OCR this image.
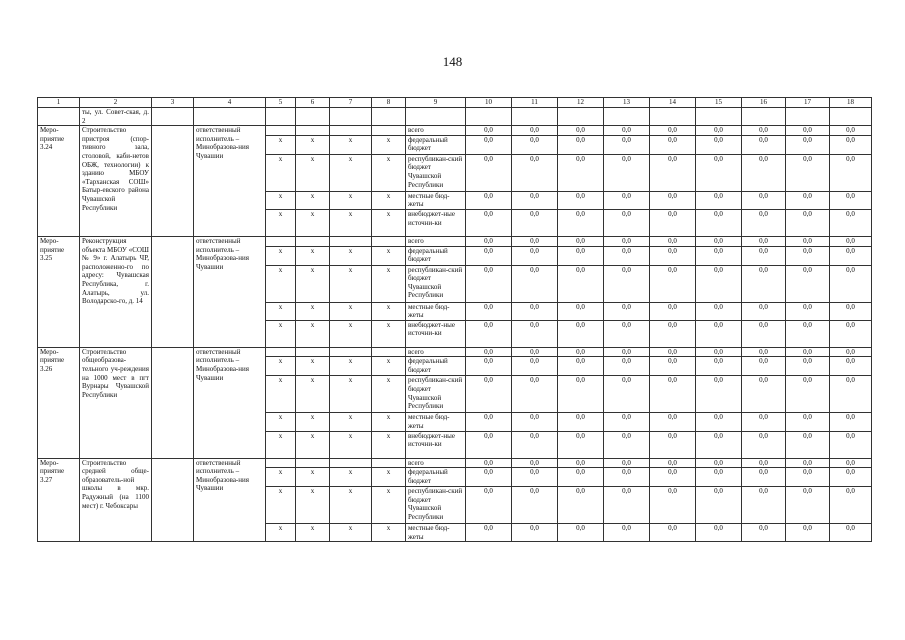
148
1	2	3	4	5	6	7	8	9	10	11	12	13	14	15	16	17	18
	ты, ул. Совет-ская, д. 2																
Меро-приятие 3.24	Строительство пристроя (спор-тивного зала, столовой, каби-нетов ОБЖ, технологии) к зданию МБОУ «Тарханская СОШ» Батыр-евского района Чувашской Республики		ответственный исполнитель – Минобразова-ния Чувашии					всего	0,0	0,0	0,0	0,0	0,0	0,0	0,0	0,0	0,0
				x	x	x	x	федеральный бюджет	0,0	0,0	0,0	0,0	0,0	0,0	0,0	0,0	0,0
				x	x	x	x	республикан-ский бюджет Чувашской Республики	0,0	0,0	0,0	0,0	0,0	0,0	0,0	0,0	0,0
				x	x	x	x	местные бюд-жеты	0,0	0,0	0,0	0,0	0,0	0,0	0,0	0,0	0,0
				x	x	x	x	внебюджет-ные источни-ки	0,0	0,0	0,0	0,0	0,0	0,0	0,0	0,0	0,0
Меро-приятие 3.25	Реконструкция объекта МБОУ «СОШ № 9» г. Алатырь ЧР, расположенно-го по адресу: Чувашская Республика, г. Алатырь, ул. Володарско-го, д. 14		ответственный исполнитель – Минобразова-ния Чувашии					всего	0,0	0,0	0,0	0,0	0,0	0,0	0,0	0,0	0,0
				x	x	x	x	федеральный бюджет	0,0	0,0	0,0	0,0	0,0	0,0	0,0	0,0	0,0
				x	x	x	x	республикан-ский бюджет Чувашской Республики	0,0	0,0	0,0	0,0	0,0	0,0	0,0	0,0	0,0
				x	x	x	x	местные бюд-жеты	0,0	0,0	0,0	0,0	0,0	0,0	0,0	0,0	0,0
				x	x	x	x	внебюджет-ные источни-ки	0,0	0,0	0,0	0,0	0,0	0,0	0,0	0,0	0,0
Меро-приятие 3.26	Строительство общеобразова-тельного уч-реждения на 1000 мест в пгт Вурнары Чувашской Республики		ответственный исполнитель – Минобразова-ния Чувашии					всего	0,0	0,0	0,0	0,0	0,0	0,0	0,0	0,0	0,0
				x	x	x	x	федеральный бюджет	0,0	0,0	0,0	0,0	0,0	0,0	0,0	0,0	0,0
				x	x	x	x	республикан-ский бюджет Чувашской Республики	0,0	0,0	0,0	0,0	0,0	0,0	0,0	0,0	0,0
				x	x	x	x	местные бюд-жеты	0,0	0,0	0,0	0,0	0,0	0,0	0,0	0,0	0,0
				x	x	x	x	внебюджет-ные источни-ки	0,0	0,0	0,0	0,0	0,0	0,0	0,0	0,0	0,0
Меро-приятие 3.27	Строительство средней обще-образователь-ной школы в мкр. Радужный (на 1100 мест) г. Чебоксары		ответственный исполнитель – Минобразова-ния Чувашии					всего	0,0	0,0	0,0	0,0	0,0	0,0	0,0	0,0	0,0
				x	x	x	x	федеральный бюджет	0,0	0,0	0,0	0,0	0,0	0,0	0,0	0,0	0,0
				x	x	x	x	республикан-ский бюджет Чувашской Республики	0,0	0,0	0,0	0,0	0,0	0,0	0,0	0,0	0,0
				x	x	x	x	местные бюд-жеты	0,0	0,0	0,0	0,0	0,0	0,0	0,0	0,0	0,0
